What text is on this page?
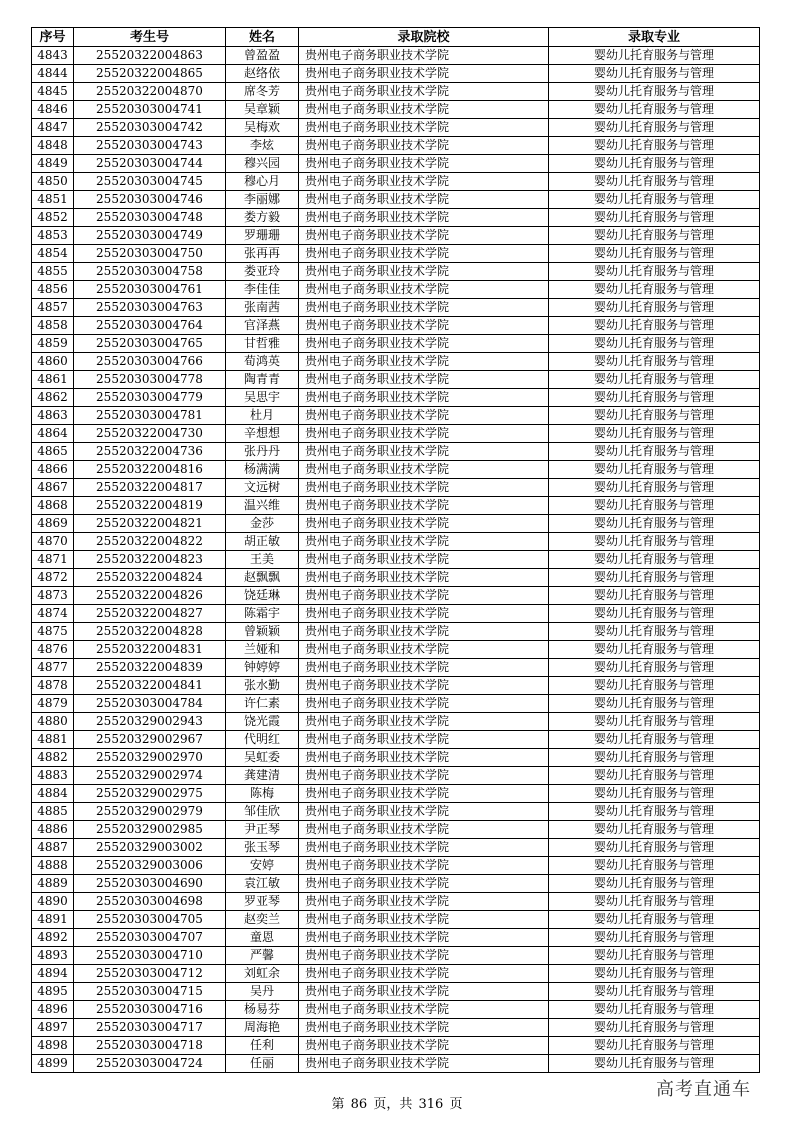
序号	考生号	姓名	录取院校	录取专业
4843	25520322004863	曾盈盈	贵州电子商务职业技术学院	婴幼儿托育服务与管理
4844	25520322004865	赵络依	贵州电子商务职业技术学院	婴幼儿托育服务与管理
4845	25520322004870	席冬芳	贵州电子商务职业技术学院	婴幼儿托育服务与管理
4846	25520303004741	吴章颖	贵州电子商务职业技术学院	婴幼儿托育服务与管理
4847	25520303004742	吴梅欢	贵州电子商务职业技术学院	婴幼儿托育服务与管理
4848	25520303004743	李炫	贵州电子商务职业技术学院	婴幼儿托育服务与管理
4849	25520303004744	穆兴园	贵州电子商务职业技术学院	婴幼儿托育服务与管理
4850	25520303004745	穆心月	贵州电子商务职业技术学院	婴幼儿托育服务与管理
4851	25520303004746	李丽娜	贵州电子商务职业技术学院	婴幼儿托育服务与管理
4852	25520303004748	娄方毅	贵州电子商务职业技术学院	婴幼儿托育服务与管理
4853	25520303004749	罗珊珊	贵州电子商务职业技术学院	婴幼儿托育服务与管理
4854	25520303004750	张再再	贵州电子商务职业技术学院	婴幼儿托育服务与管理
4855	25520303004758	娄亚玲	贵州电子商务职业技术学院	婴幼儿托育服务与管理
4856	25520303004761	李佳佳	贵州电子商务职业技术学院	婴幼儿托育服务与管理
4857	25520303004763	张南茜	贵州电子商务职业技术学院	婴幼儿托育服务与管理
4858	25520303004764	官泽燕	贵州电子商务职业技术学院	婴幼儿托育服务与管理
4859	25520303004765	甘哲雅	贵州电子商务职业技术学院	婴幼儿托育服务与管理
4860	25520303004766	荀鸿英	贵州电子商务职业技术学院	婴幼儿托育服务与管理
4861	25520303004778	陶青青	贵州电子商务职业技术学院	婴幼儿托育服务与管理
4862	25520303004779	吴思宇	贵州电子商务职业技术学院	婴幼儿托育服务与管理
4863	25520303004781	杜月	贵州电子商务职业技术学院	婴幼儿托育服务与管理
4864	25520322004730	辛想想	贵州电子商务职业技术学院	婴幼儿托育服务与管理
4865	25520322004736	张丹丹	贵州电子商务职业技术学院	婴幼儿托育服务与管理
4866	25520322004816	杨满满	贵州电子商务职业技术学院	婴幼儿托育服务与管理
4867	25520322004817	文远树	贵州电子商务职业技术学院	婴幼儿托育服务与管理
4868	25520322004819	温兴维	贵州电子商务职业技术学院	婴幼儿托育服务与管理
4869	25520322004821	金莎	贵州电子商务职业技术学院	婴幼儿托育服务与管理
4870	25520322004822	胡正敏	贵州电子商务职业技术学院	婴幼儿托育服务与管理
4871	25520322004823	王美	贵州电子商务职业技术学院	婴幼儿托育服务与管理
4872	25520322004824	赵飘飘	贵州电子商务职业技术学院	婴幼儿托育服务与管理
4873	25520322004826	饶廷琳	贵州电子商务职业技术学院	婴幼儿托育服务与管理
4874	25520322004827	陈霜宇	贵州电子商务职业技术学院	婴幼儿托育服务与管理
4875	25520322004828	曾颖颖	贵州电子商务职业技术学院	婴幼儿托育服务与管理
4876	25520322004831	兰娅和	贵州电子商务职业技术学院	婴幼儿托育服务与管理
4877	25520322004839	钟婷婷	贵州电子商务职业技术学院	婴幼儿托育服务与管理
4878	25520322004841	张水勤	贵州电子商务职业技术学院	婴幼儿托育服务与管理
4879	25520303004784	许仁素	贵州电子商务职业技术学院	婴幼儿托育服务与管理
4880	25520329002943	饶光霞	贵州电子商务职业技术学院	婴幼儿托育服务与管理
4881	25520329002967	代明红	贵州电子商务职业技术学院	婴幼儿托育服务与管理
4882	25520329002970	吴虹委	贵州电子商务职业技术学院	婴幼儿托育服务与管理
4883	25520329002974	龚建清	贵州电子商务职业技术学院	婴幼儿托育服务与管理
4884	25520329002975	陈梅	贵州电子商务职业技术学院	婴幼儿托育服务与管理
4885	25520329002979	邹佳欣	贵州电子商务职业技术学院	婴幼儿托育服务与管理
4886	25520329002985	尹正琴	贵州电子商务职业技术学院	婴幼儿托育服务与管理
4887	25520329003002	张玉琴	贵州电子商务职业技术学院	婴幼儿托育服务与管理
4888	25520329003006	安婷	贵州电子商务职业技术学院	婴幼儿托育服务与管理
4889	25520303004690	袁江敏	贵州电子商务职业技术学院	婴幼儿托育服务与管理
4890	25520303004698	罗亚琴	贵州电子商务职业技术学院	婴幼儿托育服务与管理
4891	25520303004705	赵奕兰	贵州电子商务职业技术学院	婴幼儿托育服务与管理
4892	25520303004707	童恩	贵州电子商务职业技术学院	婴幼儿托育服务与管理
4893	25520303004710	严馨	贵州电子商务职业技术学院	婴幼儿托育服务与管理
4894	25520303004712	刘虹余	贵州电子商务职业技术学院	婴幼儿托育服务与管理
4895	25520303004715	吴丹	贵州电子商务职业技术学院	婴幼儿托育服务与管理
4896	25520303004716	杨易芬	贵州电子商务职业技术学院	婴幼儿托育服务与管理
4897	25520303004717	周海艳	贵州电子商务职业技术学院	婴幼儿托育服务与管理
4898	25520303004718	任利	贵州电子商务职业技术学院	婴幼儿托育服务与管理
4899	25520303004724	任丽	贵州电子商务职业技术学院	婴幼儿托育服务与管理
第 86 页，共 316 页
高考直通车
